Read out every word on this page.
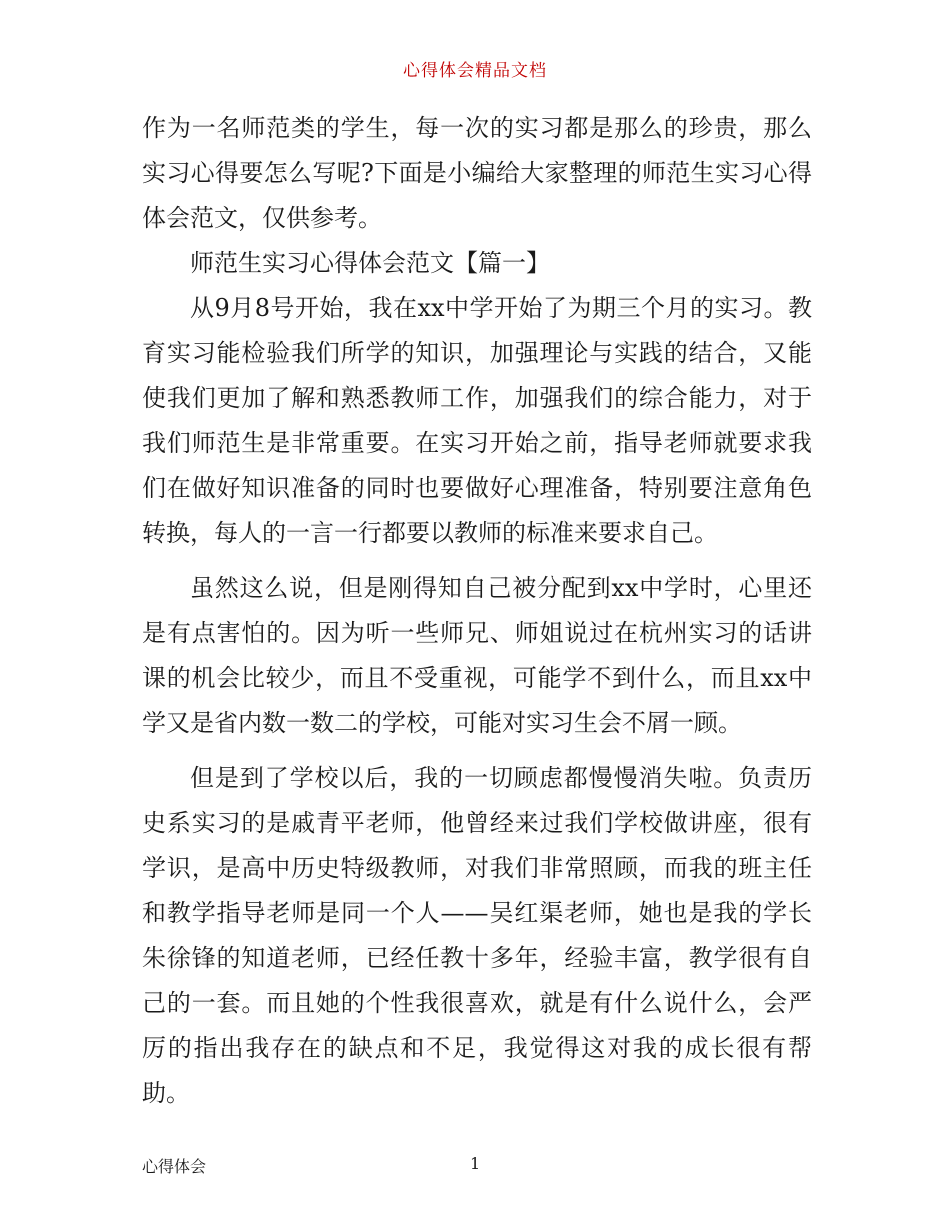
心得体会精品文档

作为一名师范类的学生，每一次的实习都是那么的珍贵，那么实习心得要怎么写呢?下面是小编给大家整理的师范生实习心得体会范文，仅供参考。

师范生实习心得体会范文【篇一】

从9月8号开始，我在xx中学开始了为期三个月的实习。教育实习能检验我们所学的知识，加强理论与实践的结合，又能使我们更加了解和熟悉教师工作，加强我们的综合能力，对于我们师范生是非常重要。在实习开始之前，指导老师就要求我们在做好知识准备的同时也要做好心理准备，特别要注意角色转换，每人的一言一行都要以教师的标准来要求自己。

虽然这么说，但是刚得知自己被分配到xx中学时，心里还是有点害怕的。因为听一些师兄、师姐说过在杭州实习的话讲课的机会比较少，而且不受重视，可能学不到什么，而且xx中学又是省内数一数二的学校，可能对实习生会不屑一顾。

但是到了学校以后，我的一切顾虑都慢慢消失啦。负责历史系实习的是戚青平老师，他曾经来过我们学校做讲座，很有学识，是高中历史特级教师，对我们非常照顾，而我的班主任和教学指导老师是同一个人——吴红渠老师，她也是我的学长朱徐锋的知道老师，已经任教十多年，经验丰富，教学很有自己的一套。而且她的个性我很喜欢，就是有什么说什么，会严厉的指出我存在的缺点和不足，我觉得这对我的成长很有帮助。

心得体会	1
